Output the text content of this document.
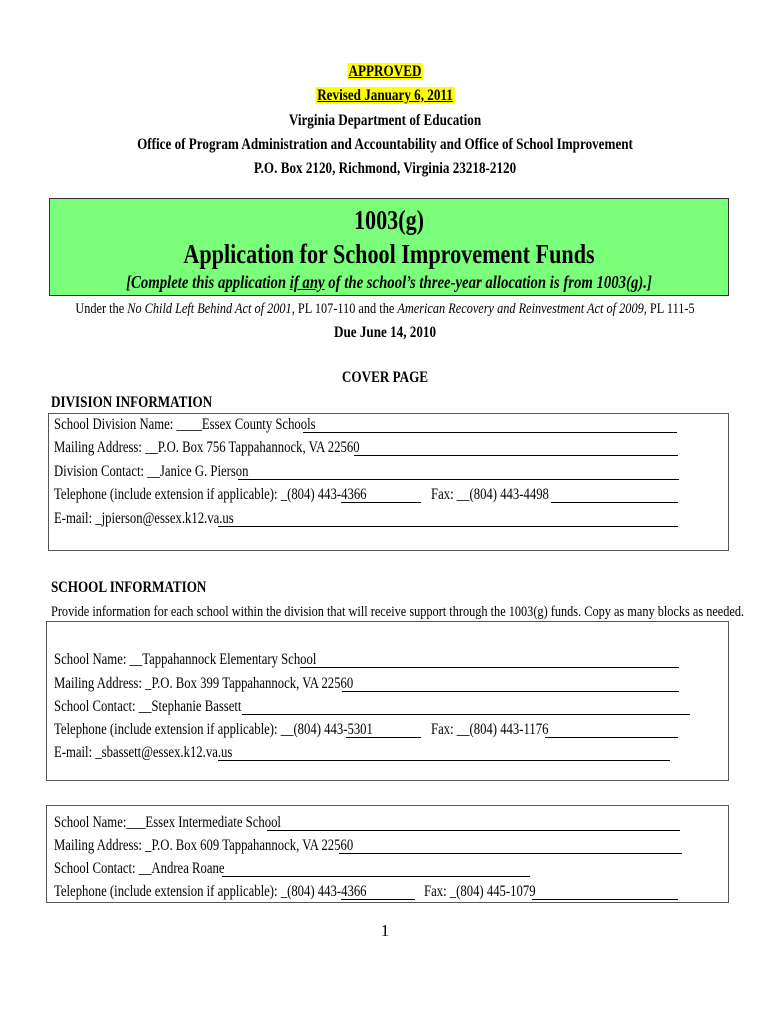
APPROVED
Revised January 6, 2011
Virginia Department of Education
Office of Program Administration and Accountability and Office of School Improvement
P.O. Box 2120, Richmond, Virginia 23218-2120
1003(g)
Application for School Improvement Funds
[Complete this application if any of the school’s three-year allocation is from 1003(g).]
Under the No Child Left Behind Act of 2001, PL 107-110 and the American Recovery and Reinvestment Act of 2009, PL 111-5
Due June 14, 2010
COVER PAGE
DIVISION INFORMATION
School Division Name: ____Essex County Schools
Mailing Address: __P.O. Box 756 Tappahannock, VA 22560
Division Contact: __Janice G. Pierson
Telephone (include extension if applicable): _(804) 443-4366	Fax: __(804) 443-4498
E-mail: _jpierson@essex.k12.va.us
SCHOOL INFORMATION
Provide information for each school within the division that will receive support through the 1003(g) funds. Copy as many blocks as needed.
School Name: __Tappahannock Elementary School
Mailing Address: _P.O. Box 399 Tappahannock, VA 22560
School Contact: __Stephanie Bassett
Telephone (include extension if applicable): __(804) 443-5301	Fax: __(804) 443-1176
E-mail: _sbassett@essex.k12.va.us
School Name:___Essex Intermediate School
Mailing Address: _P.O. Box 609 Tappahannock, VA 22560
School Contact: __Andrea Roane
Telephone (include extension if applicable): _(804) 443-4366	Fax: _(804) 445-1079
1
